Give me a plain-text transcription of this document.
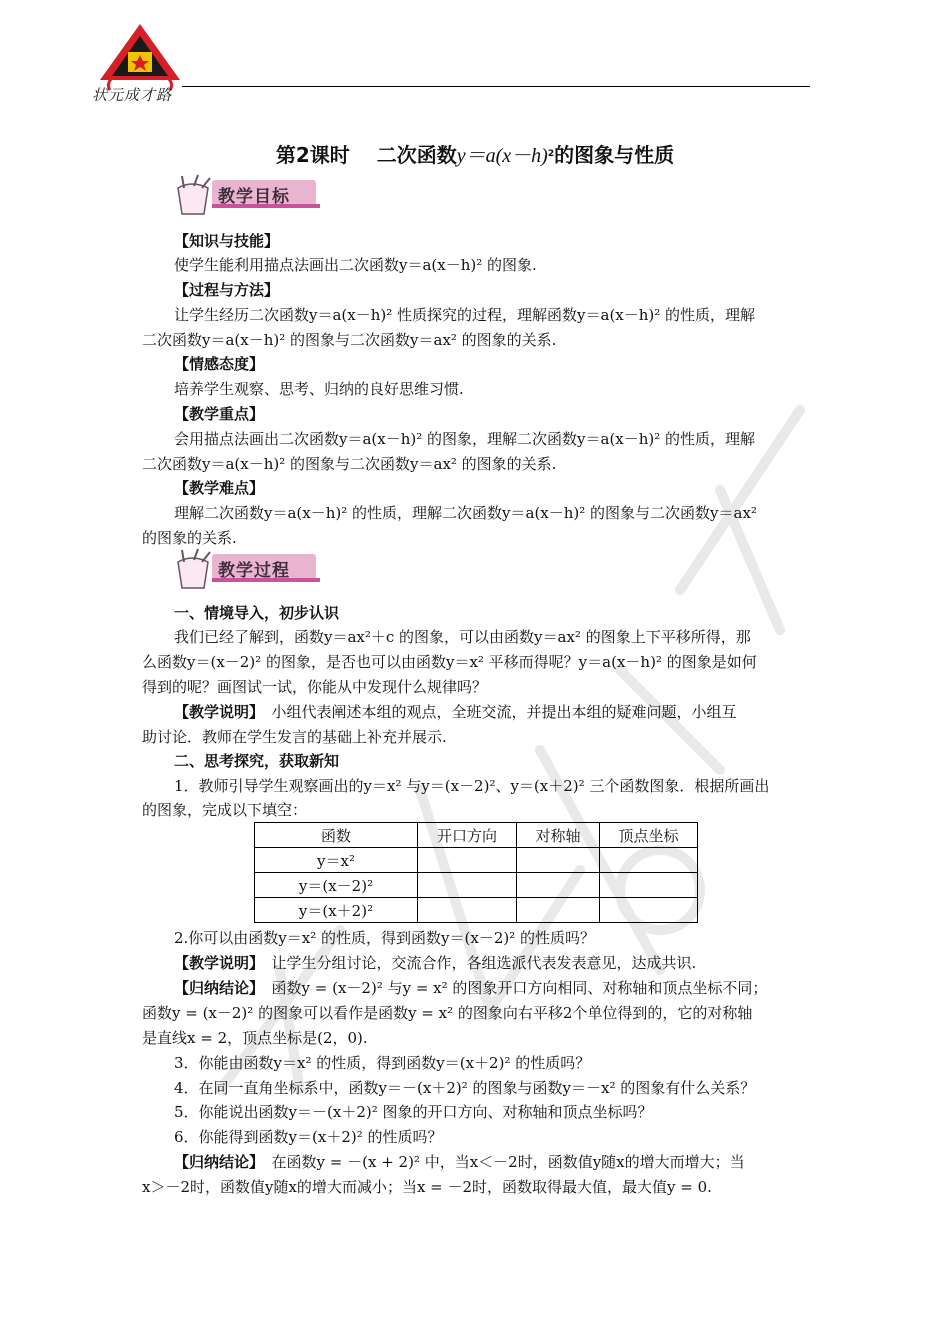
状元成才路
第2课时　 二次函数$y=a(x-h)^2$的图象与性质
教学目标
【知识与技能】
使学生能利用描点法画出二次函数y＝a(x－h)² 的图象.
【过程与方法】
让学生经历二次函数y＝a(x－h)² 性质探究的过程，理解函数y＝a(x－h)² 的性质，理解
二次函数y＝a(x－h)² 的图象与二次函数y＝ax² 的图象的关系.
【情感态度】
培养学生观察、思考、归纳的良好思维习惯.
【教学重点】
会用描点法画出二次函数y＝a(x－h)² 的图象，理解二次函数y＝a(x－h)² 的性质，理解
二次函数y＝a(x－h)² 的图象与二次函数y＝ax² 的图象的关系.
【教学难点】
理解二次函数y＝a(x－h)² 的性质，理解二次函数y＝a(x－h)² 的图象与二次函数y＝ax²
的图象的关系.
教学过程
一、情境导入，初步认识
我们已经了解到，函数y＝ax²＋c 的图象，可以由函数y＝ax² 的图象上下平移所得，那
么函数y＝(x－2)² 的图象，是否也可以由函数y＝x² 平移而得呢？y＝a(x－h)² 的图象是如何
得到的呢？画图试一试，你能从中发现什么规律吗？
【教学说明】　 小组代表阐述本组的观点，全班交流，并提出本组的疑难问题，小组互
助讨论．教师在学生发言的基础上补充并展示.
二、思考探究，获取新知
1．教师引导学生观察画出的y＝x² 与y＝(x－2)²、y＝(x＋2)² 三个函数图象．根据所画出
的图象，完成以下填空：
函数	开口方向	对称轴	顶点坐标
y＝x²			
y＝(x－2)²			
y＝(x＋2)²			
2.你可以由函数y＝x² 的性质，得到函数y＝(x－2)² 的性质吗？
【教学说明】　 让学生分组讨论，交流合作，各组选派代表发表意见，达成共识.
【归纳结论】　 函数y = (x－2)² 与y = x² 的图象开口方向相同、对称轴和顶点坐标不同；
函数y = (x－2)² 的图象可以看作是函数y = x² 的图象向右平移2个单位得到的，它的对称轴
是直线x = 2，顶点坐标是(2，0).
3．你能由函数y＝x² 的性质，得到函数y＝(x＋2)² 的性质吗？
4．在同一直角坐标系中，函数y＝－(x＋2)² 的图象与函数y＝－x² 的图象有什么关系？
5．你能说出函数y＝－(x＋2)² 图象的开口方向、对称轴和顶点坐标吗？
6．你能得到函数y＝(x＋2)² 的性质吗？
【归纳结论】　 在函数y = －(x + 2)² 中，当x＜－2时，函数值y随x的增大而增大；当
x＞－2时，函数值y随x的增大而减小；当x = －2时，函数取得最大值，最大值y = 0.
